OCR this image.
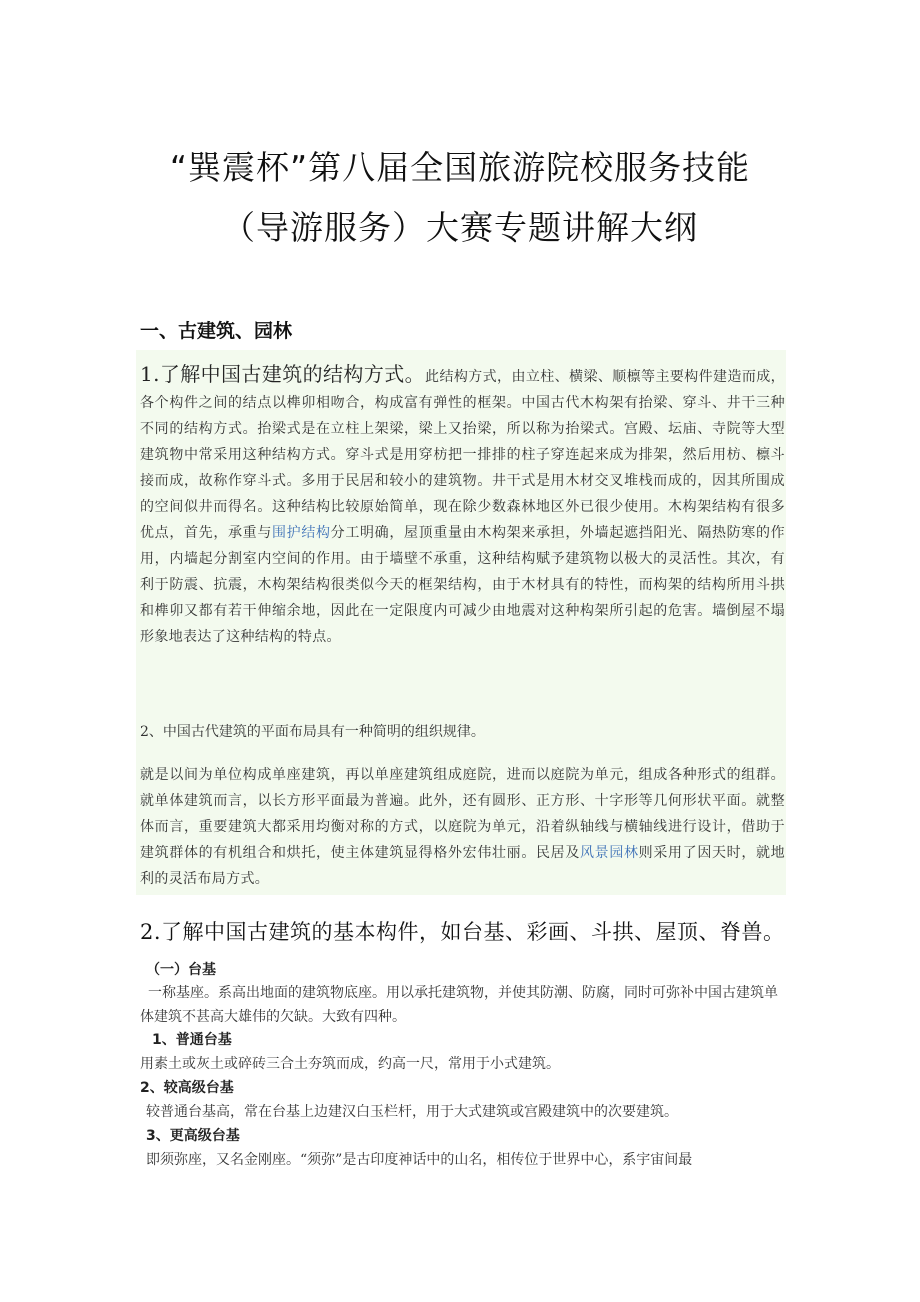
“巽震杯”第八届全国旅游院校服务技能
（导游服务）大赛专题讲解大纲
一、古建筑、园林
1.了解中国古建筑的结构方式。此结构方式，由立柱、横梁、顺檩等主要构件建造而成，各个构件之间的结点以榫卯相吻合，构成富有弹性的框架。中国古代木构架有抬梁、穿斗、井干三种不同的结构方式。抬梁式是在立柱上架梁，梁上又抬梁，所以称为抬梁式。宫殿、坛庙、寺院等大型建筑物中常采用这种结构方式。穿斗式是用穿枋把一排排的柱子穿连起来成为排架，然后用枋、檩斗接而成，故称作穿斗式。多用于民居和较小的建筑物。井干式是用木材交叉堆栈而成的，因其所围成的空间似井而得名。这种结构比较原始简单，现在除少数森林地区外已很少使用。木构架结构有很多优点，首先，承重与围护结构分工明确，屋顶重量由木构架来承担，外墙起遮挡阳光、隔热防寒的作用，内墙起分割室内空间的作用。由于墙壁不承重，这种结构赋予建筑物以极大的灵活性。其次，有利于防震、抗震，木构架结构很类似今天的框架结构，由于木材具有的特性，而构架的结构所用斗拱和榫卯又都有若干伸缩余地，因此在一定限度内可减少由地震对这种构架所引起的危害。墙倒屋不塌形象地表达了这种结构的特点。
2、中国古代建筑的平面布局具有一种简明的组织规律。
就是以间为单位构成单座建筑，再以单座建筑组成庭院，进而以庭院为单元，组成各种形式的组群。就单体建筑而言，以长方形平面最为普遍。此外，还有圆形、正方形、十字形等几何形状平面。就整体而言，重要建筑大都采用均衡对称的方式，以庭院为单元，沿着纵轴线与横轴线进行设计，借助于建筑群体的有机组合和烘托，使主体建筑显得格外宏伟壮丽。民居及风景园林则采用了因天时，就地利的灵活布局方式。
2.了解中国古建筑的基本构件，如台基、彩画、斗拱、屋顶、脊兽。
（一）台基
一称基座。系高出地面的建筑物底座。用以承托建筑物，并使其防潮、防腐，同时可弥补中国古建筑单体建筑不甚高大雄伟的欠缺。大致有四种。
1、普通台基
用素土或灰土或碎砖三合土夯筑而成，约高一尺，常用于小式建筑。
2、较高级台基
较普通台基高，常在台基上边建汉白玉栏杆，用于大式建筑或宫殿建筑中的次要建筑。
3、更高级台基
即须弥座，又名金刚座。“须弥”是古印度神话中的山名，相传位于世界中心，系宇宙间最
